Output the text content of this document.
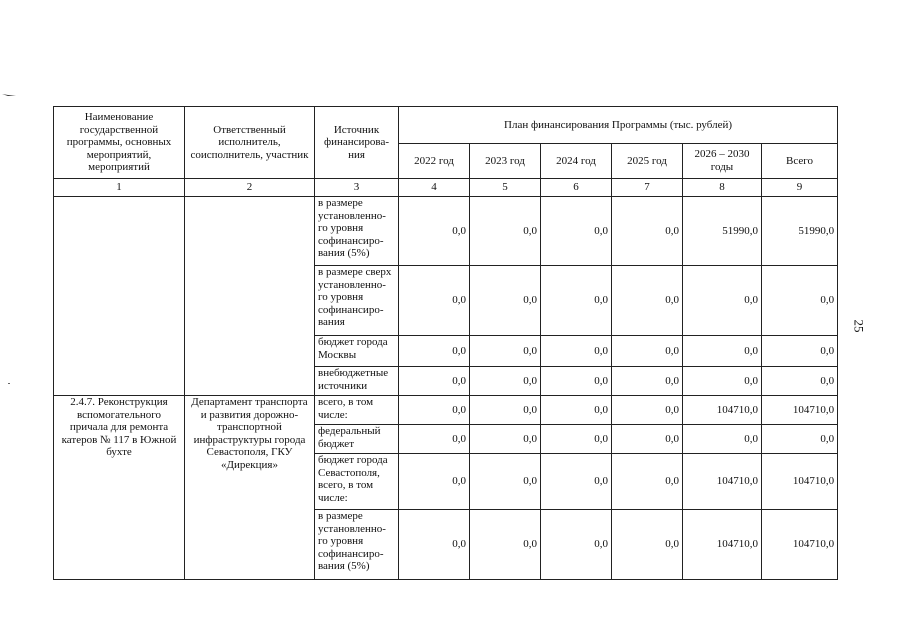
25
Наименование государственной программы, основных мероприятий, мероприятий	Ответственный исполнитель, соисполнитель, участник	Источник финансирова-ния	План финансирования Программы (тыс. рублей)					
			2022 год	2023 год	2024 год	2025 год	2026 – 2030 годы	Всего
1	2	3	4	5	6	7	8	9
		в размере установленно-го уровня софинансиро-вания (5%)	0,0	0,0	0,0	0,0	51990,0	51990,0
		в размере сверх установленно-го уровня софинансиро-вания	0,0	0,0	0,0	0,0	0,0	0,0
		бюджет города Москвы	0,0	0,0	0,0	0,0	0,0	0,0
		внебюджетные источники	0,0	0,0	0,0	0,0	0,0	0,0
2.4.7. Реконструкция вспомогательного причала для ремонта катеров № 117 в Южной бухте	Департамент транспорта и развития дорожно-транспортной инфраструктуры города Севастополя, ГКУ «Дирекция»	всего, в том числе:	0,0	0,0	0,0	0,0	104710,0	104710,0
		федеральный бюджет	0,0	0,0	0,0	0,0	0,0	0,0
		бюджет города Севастополя, всего, в том числе:	0,0	0,0	0,0	0,0	104710,0	104710,0
		в размере установленно-го уровня софинансиро-вания (5%)	0,0	0,0	0,0	0,0	104710,0	104710,0
